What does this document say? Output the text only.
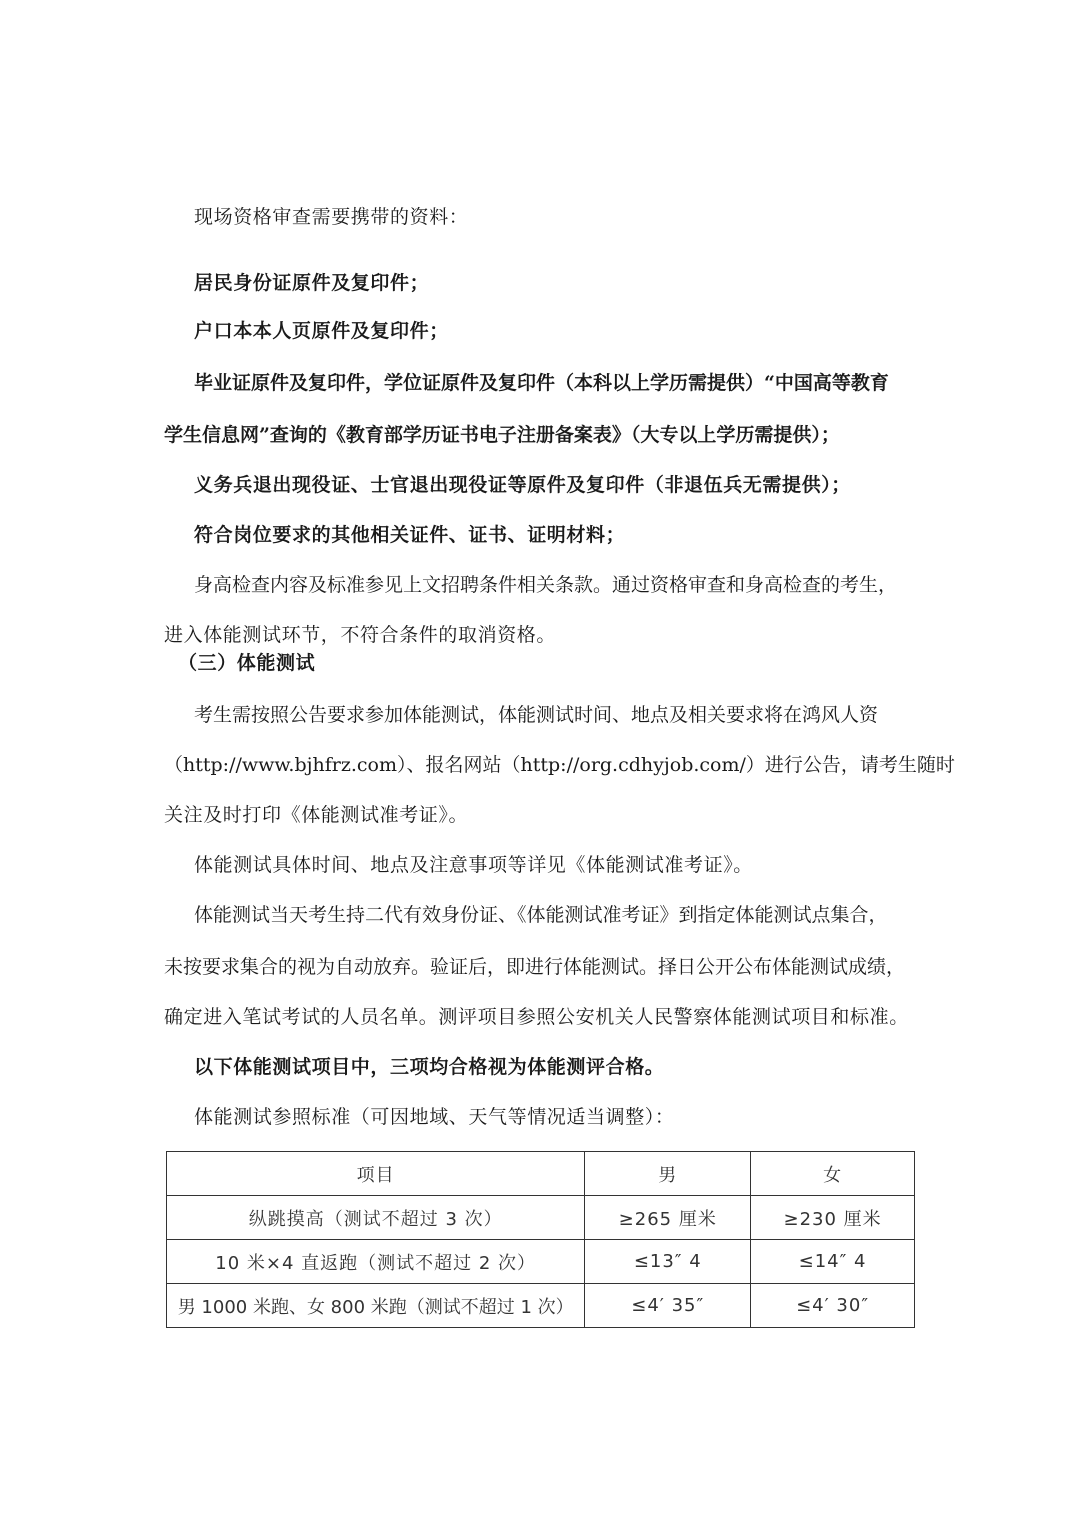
现场资格审查需要携带的资料：
居民身份证原件及复印件；
户口本本人页原件及复印件；
毕业证原件及复印件，学位证原件及复印件（本科以上学历需提供）“中国高等教育
学生信息网”查询的《教育部学历证书电子注册备案表》（大专以上学历需提供）；
义务兵退出现役证、士官退出现役证等原件及复印件（非退伍兵无需提供）；
符合岗位要求的其他相关证件、证书、证明材料；
身高检查内容及标准参见上文招聘条件相关条款。通过资格审查和身高检查的考生，
进入体能测试环节，不符合条件的取消资格。
（三）体能测试
考生需按照公告要求参加体能测试，体能测试时间、地点及相关要求将在鸿风人资
（http://www.bjhfrz.com）、报名网站（http://org.cdhyjob.com/）进行公告，请考生随时
关注及时打印《体能测试准考证》。
体能测试具体时间、地点及注意事项等详见《体能测试准考证》。
体能测试当天考生持二代有效身份证、《体能测试准考证》到指定体能测试点集合，
未按要求集合的视为自动放弃。验证后，即进行体能测试。择日公开公布体能测试成绩，
确定进入笔试考试的人员名单。测评项目参照公安机关人民警察体能测试项目和标准。
以下体能测试项目中，三项均合格视为体能测评合格。
体能测试参照标准（可因地域、天气等情况适当调整）：
项目	男	女
纵跳摸高（测试不超过 3 次）	≥265 厘米	≥230 厘米
10 米×4 直返跑（测试不超过 2 次）	≤13″ 4	≤14″ 4
男 1000 米跑、女 800 米跑（测试不超过 1 次）	≤4′ 35″	≤4′ 30″
